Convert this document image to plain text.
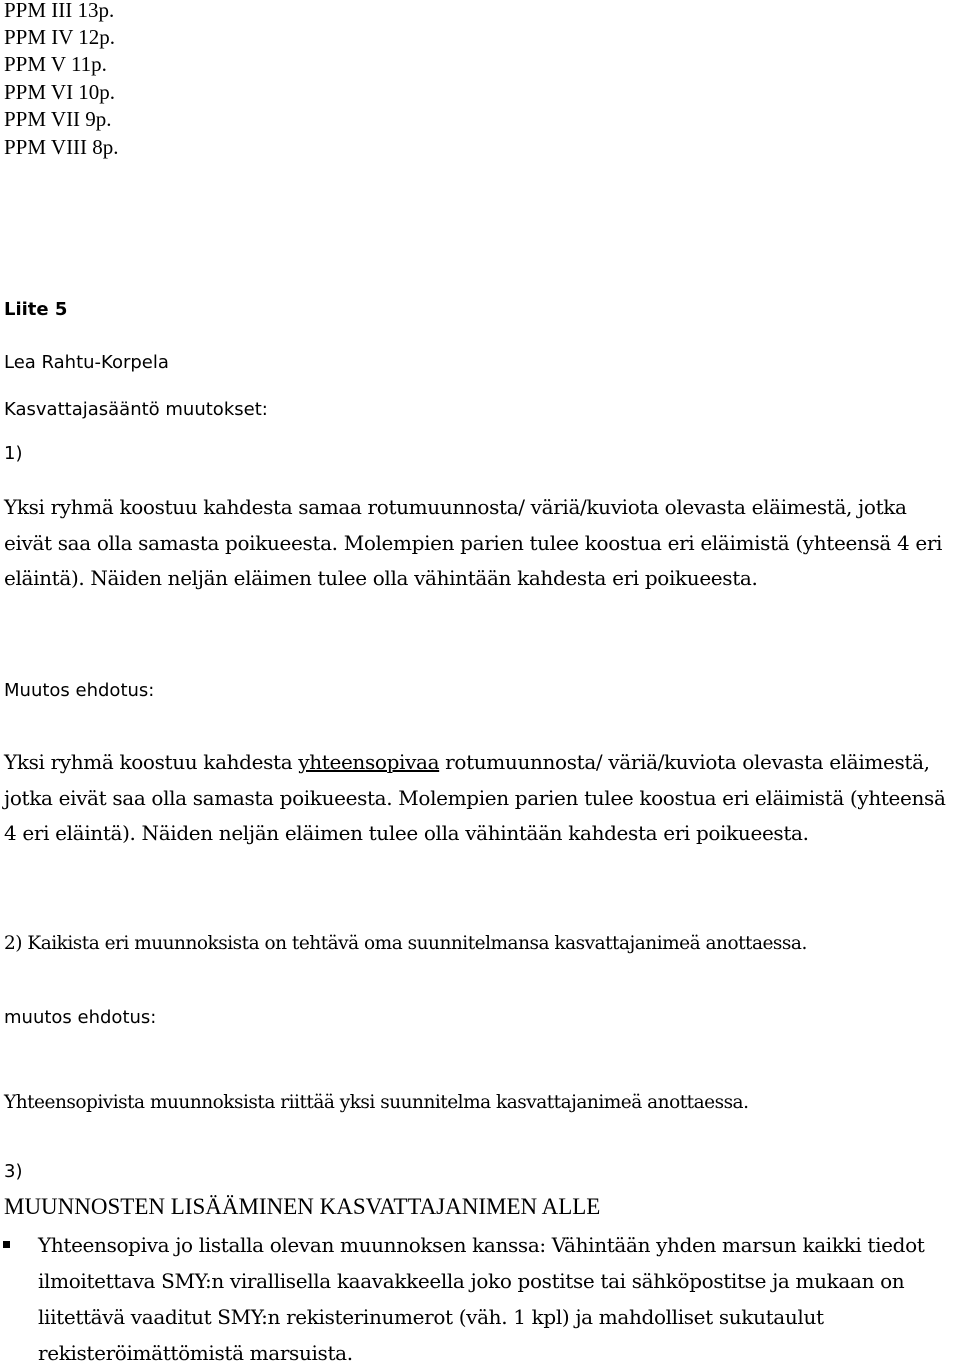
PPM III 13p.

PPM IV 12p.

PPM V 11p.

PPM VI 10p.

PPM VII 9p.

PPM VIII 8p.

Liite 5

Lea Rahtu-Korpela

Kasvattajasääntö muutokset:

1)

Yksi ryhmä koostuu kahdesta samaa rotumuunnosta/ väriä/kuviota olevasta eläimestä, jotka eivät saa olla samasta poikueesta. Molempien parien tulee koostua eri eläimistä (yhteensä 4 eri eläintä). Näiden neljän eläimen tulee olla vähintään kahdesta eri poikueesta.

Muutos ehdotus:

Yksi ryhmä koostuu kahdesta yhteensopivaa rotumuunnosta/ väriä/kuviota olevasta eläimestä, jotka eivät saa olla samasta poikueesta. Molempien parien tulee koostua eri eläimistä (yhteensä 4 eri eläintä). Näiden neljän eläimen tulee olla vähintään kahdesta eri poikueesta.

2) Kaikista eri muunnoksista on tehtävä oma suunnitelmansa kasvattajanimeä anottaessa.

muutos ehdotus:

Yhteensopivista muunnoksista riittää yksi suunnitelma kasvattajanimeä anottaessa.

3)

MUUNNOSTEN LISÄÄMINEN KASVATTAJANIMEN ALLE

Yhteensopiva jo listalla olevan muunnoksen kanssa: Vähintään yhden marsun kaikki tiedot ilmoitettava SMY:n virallisella kaavakkeella joko postitse tai sähköpostitse ja mukaan on liitettävä vaaditut SMY:n rekisterinumerot (väh. 1 kpl) ja mahdolliset sukutaulut rekisteröimättömistä marsuista.
